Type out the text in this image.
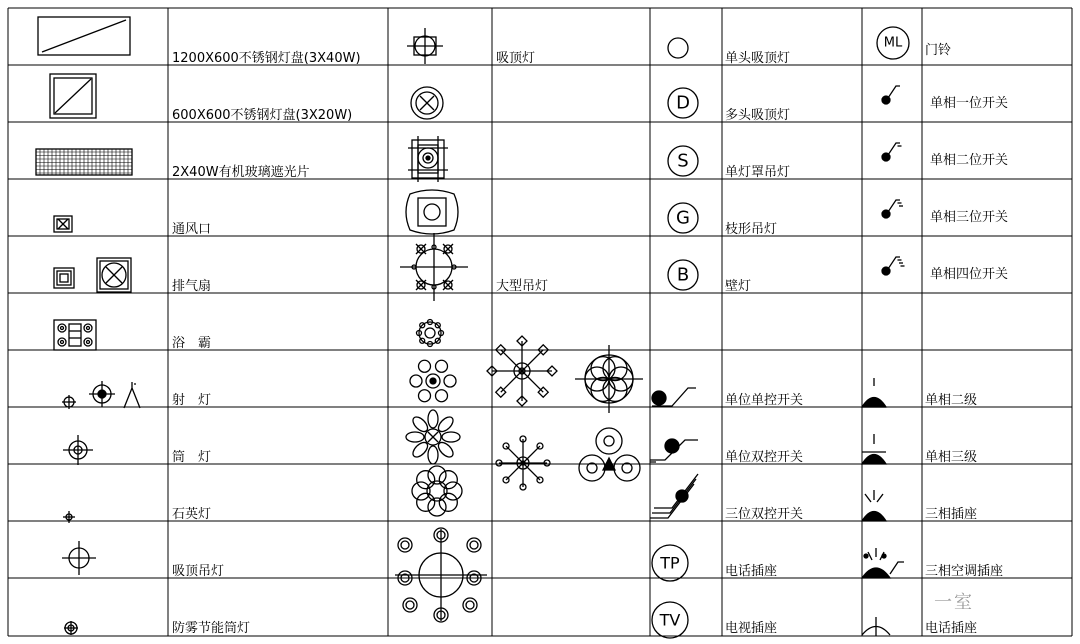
D
S
G
B
TP
TV
ML
1200X600不锈钢灯盘(3X40W)
600X600不锈钢灯盘(3X20W)
2X40W有机玻璃遮光片
通风口
排气扇
浴　霸
射　灯
筒　灯
石英灯
吸顶吊灯
防雾节能筒灯
吸顶灯
大型吊灯
单头吸顶灯
多头吸顶灯
单灯罩吊灯
枝形吊灯
壁灯
单位单控开关
单位双控开关
三位双控开关
电话插座
电视插座
门铃
单相一位开关
单相二位开关
单相三位开关
单相四位开关
单相二级
单相三级
三相插座
三相空调插座
电话插座
一室
